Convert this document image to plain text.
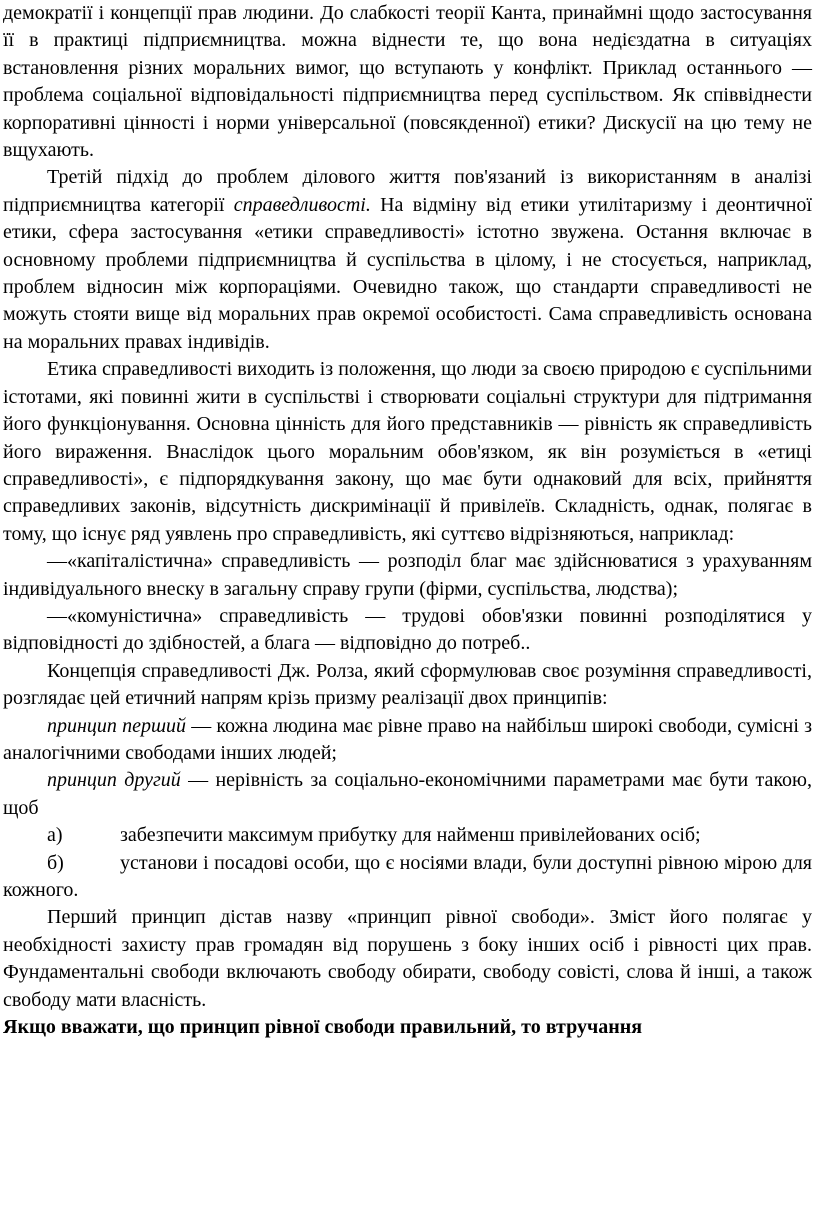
демократії і концепції прав людини. До слабкості теорії Канта, принаймні щодо застосування її в практиці підприємництва. можна віднести те, що вона недієздатна в ситуаціях встановлення різних моральних вимог, що вступають у конфлікт. Приклад останнього — проблема соціальної відповідальності підприємництва перед суспільством. Як співвіднести корпоративні цінності і норми універсальної (повсякденної) етики? Дискусії на цю тему не вщухають.

Третій підхід до проблем ділового життя пов'язаний із використанням в аналізі підприємництва категорії справедливості. На відміну від етики утилітаризму і деонтичної етики, сфера застосування «етики справедливості» істотно звужена. Остання включає в основному проблеми підприємництва й суспільства в цілому, і не стосується, наприклад, проблем відносин між корпораціями. Очевидно також, що стандарти справедливості не можуть стояти вище від моральних прав окремої особистості. Сама справедливість основана на моральних правах індивідів.

Етика справедливості виходить із положення, що люди за своєю природою є суспільними істотами, які повинні жити в суспільстві і створювати соціальні структури для підтримання його функціонування. Основна цінність для його представників — рівність як справедливість його вираження. Внаслідок цього моральним обов'язком, як він розуміється в «етиці справедливості», є підпорядкування закону, що має бути однаковий для всіх, прийняття справедливих законів, відсутність дискримінації й привілеїв. Складність, однак, полягає в тому, що існує ряд уявлень про справедливість, які суттєво відрізняються, наприклад:

—«капіталістична» справедливість — розподіл благ має здійснюватися з урахуванням індивідуального внеску в загальну справу групи (фірми, суспільства, людства);

—«комуністична» справедливість — трудові обов'язки повинні розподілятися у відповідності до здібностей, а блага — відповідно до потреб..

Концепція справедливості Дж. Ролза, який сформулював своє розуміння справедливості, розглядає цей етичний напрям крізь призму реалізації двох принципів:

принцип перший — кожна людина має рівне право на найбільш широкі свободи, сумісні з аналогічними свободами інших людей;

принцип другий — нерівність за соціально-економічними параметрами має бути такою, щоб

а)	забезпечити максимум прибутку для найменш привілейованих осіб;

б)	установи і посадові особи, що є носіями влади, були доступні рівною мірою для кожного.

Перший принцип дістав назву «принцип рівної свободи». Зміст його полягає у необхідності захисту прав громадян від порушень з боку інших осіб і рівності цих прав. Фундаментальні свободи включають свободу обирати, свободу совісті, слова й інші, а також свободу мати власність.

Якщо вважати, що принцип рівної свободи правильний, то втручання
